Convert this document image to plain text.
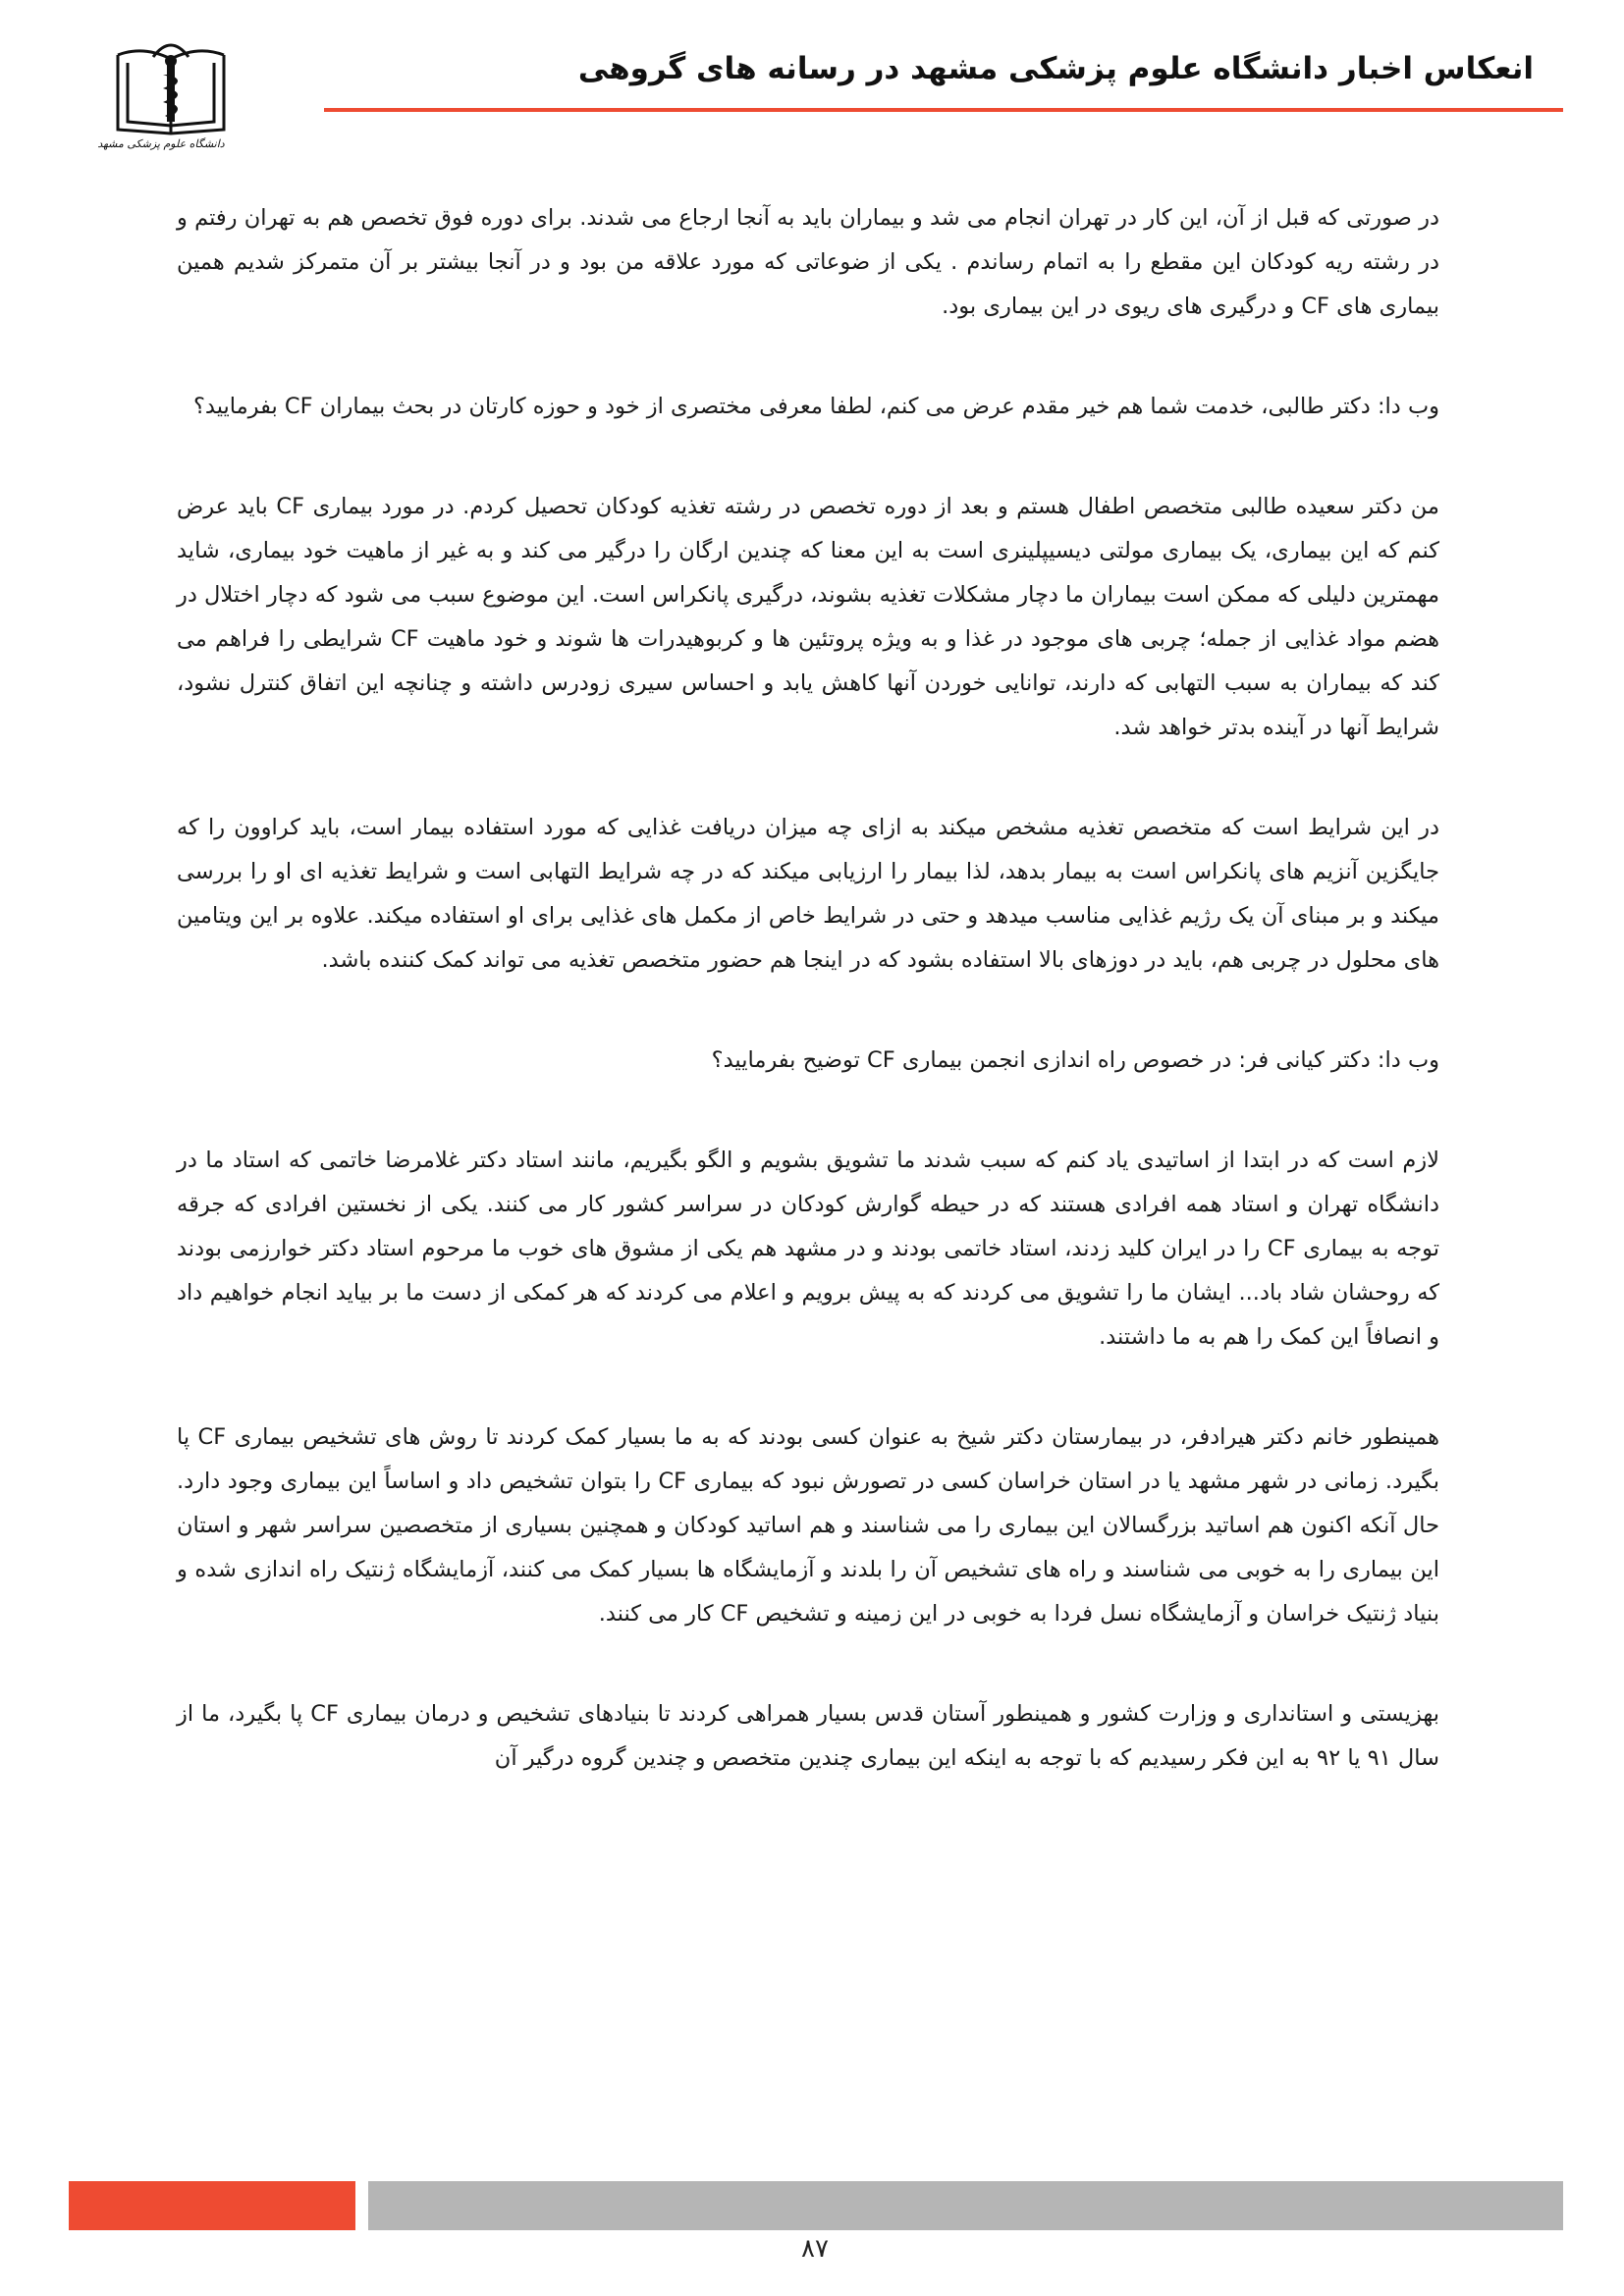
انعکاس اخبار دانشگاه علوم پزشکی مشهد در رسانه های گروهی
دانشگاه علوم پزشکی مشهد

در صورتی که قبل از آن، این کار در تهران انجام می شد و بیماران باید به آنجا ارجاع می شدند. برای دوره فوق تخصص هم به تهران رفتم و در رشته ریه کودکان این مقطع را به اتمام رساندم . یکی از ضوعاتی که مورد علاقه من بود و در آنجا بیشتر بر آن متمرکز شدیم همین بیماری های CF و درگیری های ریوی در این بیماری بود.

وب دا: دکتر طالبی، خدمت شما هم خیر مقدم عرض می کنم، لطفا معرفی مختصری از خود و حوزه کارتان در بحث بیماران CF بفرمایید؟

من دکتر سعیده طالبی متخصص اطفال هستم و بعد از دوره تخصص در رشته تغذیه کودکان تحصیل کردم. در مورد بیماری CF باید عرض کنم که این بیماری، یک بیماری مولتی دیسیپلینری است به این معنا که چندین ارگان را درگیر می کند و به غیر از ماهیت خود بیماری، شاید مهمترین دلیلی که ممکن است بیماران ما دچار مشکلات تغذیه بشوند، درگیری پانکراس است. این موضوع سبب می شود که دچار اختلال در هضم مواد غذایی از جمله؛ چربی های موجود در غذا و به ویژه پروتئین ها و کربوهیدرات ها شوند و خود ماهیت CF شرایطی را فراهم می کند که بیماران به سبب التهابی که دارند، توانایی خوردن آنها کاهش یابد و احساس سیری زودرس داشته و چنانچه این اتفاق کنترل نشود، شرایط آنها در آینده بدتر خواهد شد.

در این شرایط است که متخصص تغذیه مشخص میکند به ازای چه میزان دریافت غذایی که مورد استفاده بیمار است، باید کراوون را که جایگزین آنزیم های پانکراس است به بیمار بدهد، لذا بیمار را ارزیابی میکند که در چه شرایط التهابی است و شرایط تغذیه ای او را بررسی میکند و بر مبنای آن یک رژیم غذایی مناسب میدهد و حتی در شرایط خاص از مکمل های غذایی برای او استفاده میکند. علاوه بر این ویتامین های محلول در چربی هم، باید در دوزهای بالا استفاده بشود که در اینجا هم حضور متخصص تغذیه می تواند کمک کننده باشد.

وب دا: دکتر کیانی فر: در خصوص راه اندازی انجمن بیماری CF توضیح بفرمایید؟

لازم است که در ابتدا از اساتیدی یاد کنم که سبب شدند ما تشویق بشویم و الگو بگیریم، مانند استاد دکتر غلامرضا خاتمی که استاد ما در دانشگاه تهران و استاد همه افرادی هستند که در حیطه گوارش کودکان در سراسر کشور کار می کنند. یکی از نخستین افرادی که جرقه توجه به بیماری CF را در ایران کلید زدند، استاد خاتمی بودند و در مشهد هم یکی از مشوق های خوب ما مرحوم استاد دکتر خوارزمی بودند که روحشان شاد باد... ایشان ما را تشویق می کردند که به پیش برویم و اعلام می کردند که هر کمکی از دست ما بر بیاید انجام خواهیم داد و انصافاً این کمک را هم به ما داشتند.

همینطور خانم دکتر هیرادفر، در بیمارستان دکتر شیخ به عنوان کسی بودند که به ما بسیار کمک کردند تا روش های تشخیص بیماری CF پا بگیرد. زمانی در شهر مشهد یا در استان خراسان کسی در تصورش نبود که بیماری CF را بتوان تشخیص داد و اساساً این بیماری وجود دارد. حال آنکه اکنون هم اساتید بزرگسالان این بیماری را می شناسند و هم اساتید کودکان و همچنین بسیاری از متخصصین سراسر شهر و استان این بیماری را به خوبی می شناسند و راه های تشخیص آن را بلدند و آزمایشگاه ها بسیار کمک می کنند، آزمایشگاه ژنتیک راه اندازی شده و بنیاد ژنتیک خراسان و آزمایشگاه نسل فردا به خوبی در این زمینه و تشخیص CF کار می کنند.

بهزیستی و استانداری و وزارت کشور و همینطور آستان قدس بسیار همراهی کردند تا بنیادهای تشخیص و درمان بیماری CF پا بگیرد، ما از سال ۹۱ یا ۹۲ به این فکر رسیدیم که با توجه به اینکه این بیماری چندین متخصص و چندین گروه درگیر آن

۸۷
